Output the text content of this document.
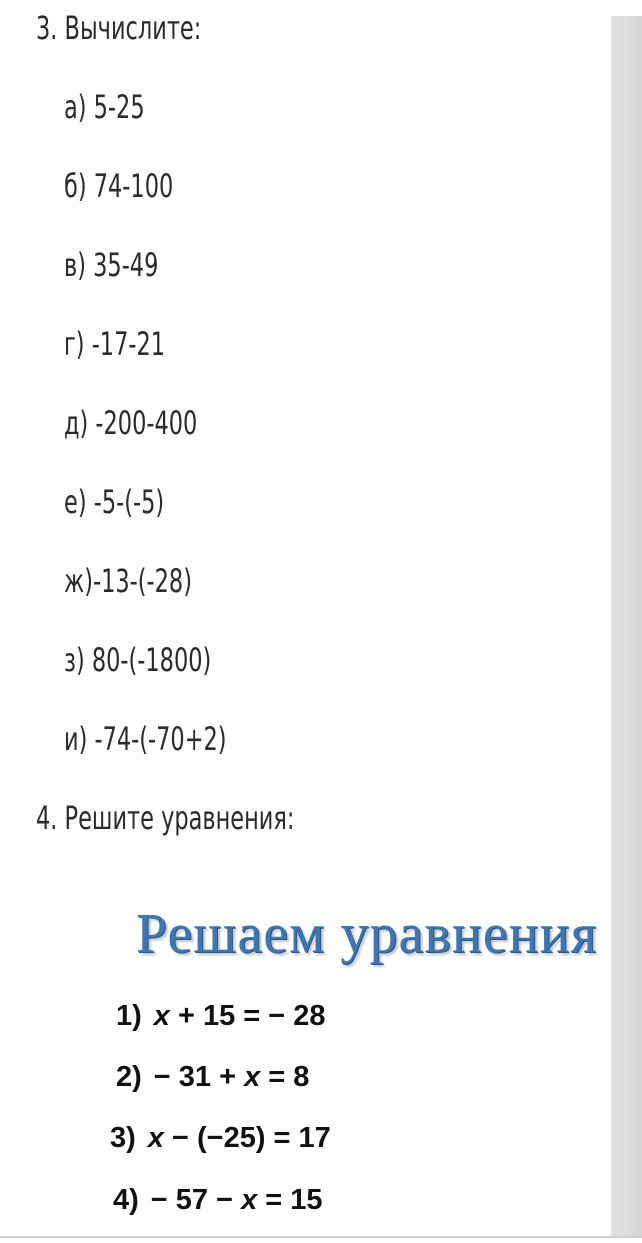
3. Вычислите:
а) 5-25
б) 74-100
в) 35-49
г) -17-21
д) -200-400
е) -5-(-5)
ж)-13-(-28)
з) 80-(-1800)
и) -74-(-70+2)
4. Решите уравнения:
Решаем уравнения
1) x + 15 = − 28
2) − 31 + x = 8
3) x − (−25) = 17
4) − 57 − x = 15
